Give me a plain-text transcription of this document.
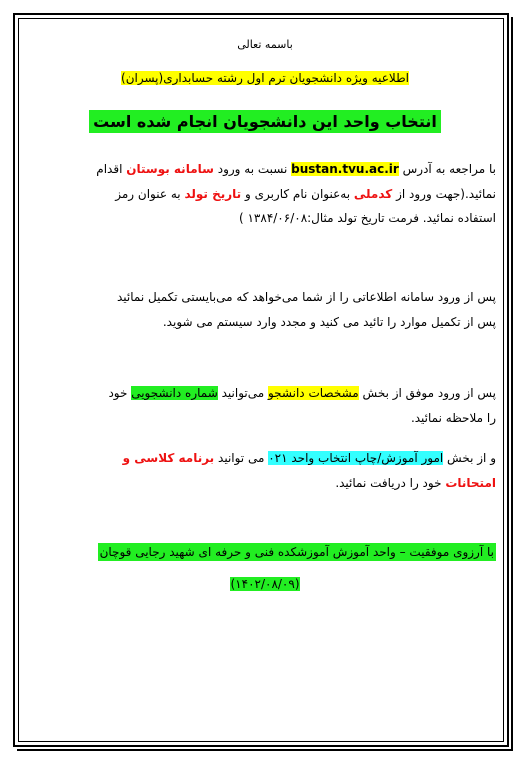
باسمه تعالی
اطلاعیه ویژه دانشجویان ترم اول رشته حسابداری(پسران)
انتخاب واحد این دانشجویان انجام شده است
با مراجعه به آدرس bustan.tvu.ac.ir نسبت به ورود سامانه بوستان اقدام
نمائید.(جهت ورود از کدملی به‌عنوان نام کاربری و تاریخ تولد به عنوان رمز
استفاده نمائید. فرمت تاریخ تولد مثال:۱۳۸۴/۰۶/۰۸ )
پس از ورود سامانه اطلاعاتی را از شما می‌خواهد که می‌بایستی تکمیل نمائید
پس از تکمیل موارد را تائید می کنید و مجدد وارد سیستم می شوید.
پس از ورود موفق از بخش مشخصات دانشجو می‌توانید شماره دانشجویی خود
را ملاحظه نمائید.
و از بخش امور آموزش/چاپ انتخاب واحد ۰۲۱ می توانید برنامه کلاسی و
امتحانات خود را دریافت نمائید.
با آرزوی موفقیت – واحد آموزش آموزشکده فنی و حرفه ای شهید رجایی قوچان
(۱۴۰۲/۰۸/۰۹)
